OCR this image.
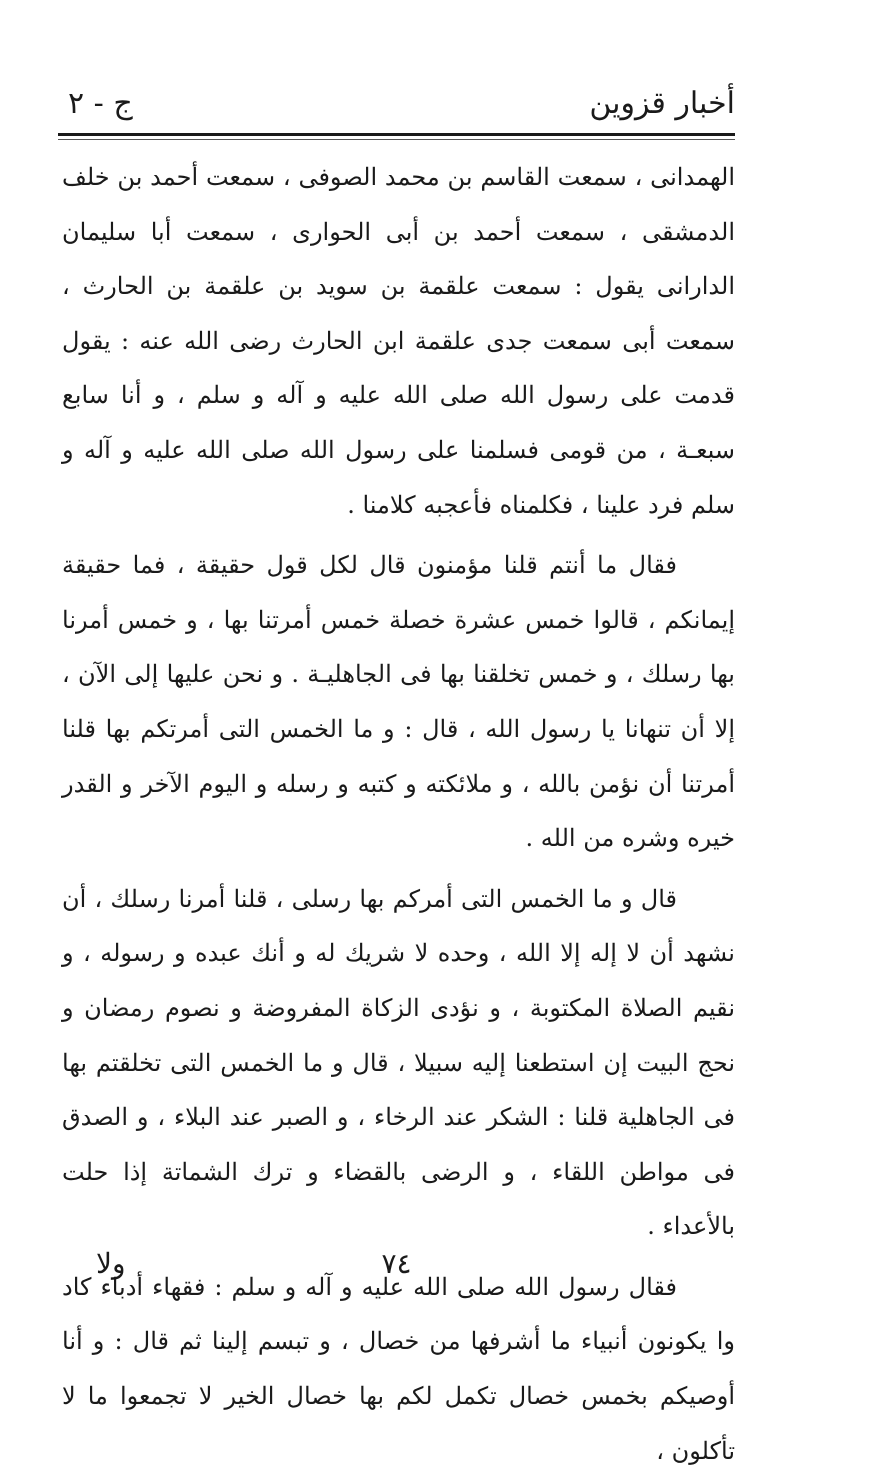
أخبار قزوين
ج - ٢

الهمدانى ، سمعت القاسم بن محمد الصوفى ، سمعت أحمد بن خلف الدمشقى ، سمعت أحمد بن أبى الحوارى ، سمعت أبا سليمان الدارانى يقول : سمعت علقمة بن سويد بن علقمة بن الحارث ، سمعت أبى سمعت جدى علقمة ابن الحارث رضى الله عنه : يقول قدمت على رسول الله صلى الله عليه و آله و سلم ، و أنا سابع سبعـة ، من قومى فسلمنا على رسول الله صلى الله عليه و آله و سلم فرد علينا ، فكلمناه فأعجبه كلامنا .

فقال ما أنتم قلنا مؤمنون قال لكل قول حقيقة ، فما حقيقة إيمانكم ، قالوا خمس عشرة خصلة خمس أمرتنا بها ، و خمس أمرنا بها رسلك ، و خمس تخلقنا بها فى الجاهليـة . و نحن عليها إلى الآن ، إلا أن تنهانا يا رسول الله ، قال : و ما الخمس التى أمرتكم بها قلنا أمرتنا أن نؤمن بالله ، و ملائكته و كتبه و رسله و اليوم الآخر و القدر خيره وشره من الله .

قال و ما الخمس التى أمركم بها رسلى ، قلنا أمرنا رسلك ، أن نشهد أن لا إله إلا الله ، وحده لا شريك له و أنك عبده و رسوله ، و نقيم الصلاة المكتوبة ، و نؤدى الزكاة المفروضة و نصوم رمضان و نحج البيت إن استطعنا إليه سبيلا ، قال و ما الخمس التى تخلقتم بها فى الجاهلية قلنا : الشكر عند الرخاء ، و الصبر عند البلاء ، و الصدق فى مواطن اللقاء ، و الرضى بالقضاء و ترك الشماتة إذا حلت بالأعداء .

فقال رسول الله صلى الله عليه و آله و سلم : فقهاء أدباء كاد وا يكونون أنبياء ما أشرفها من خصال ، و تبسم إلينا ثم قال : و أنا أوصيكم بخمس خصال تكمل لكم بها خصال الخير لا تجمعوا ما لا تأكلون ،

٧٤
ولا
